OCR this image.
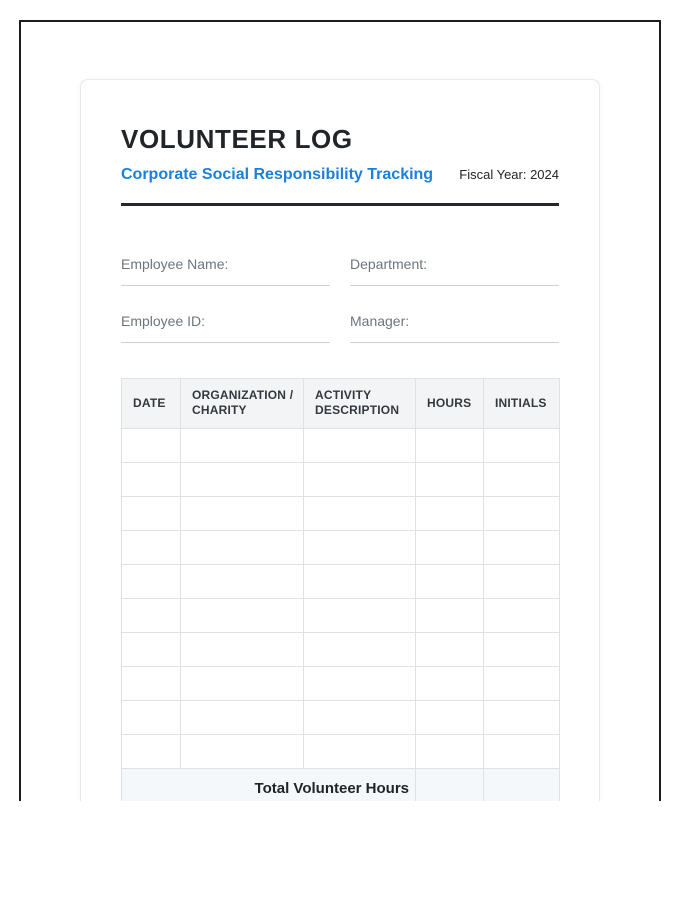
VOLUNTEER LOG
Corporate Social Responsibility Tracking Fiscal Year: 2024
Employee Name:	Department:
Employee ID:	Manager:
DATE	ORGANIZATION / CHARITY	ACTIVITY DESCRIPTION	HOURS	INITIALS

Total Volunteer Hours				
